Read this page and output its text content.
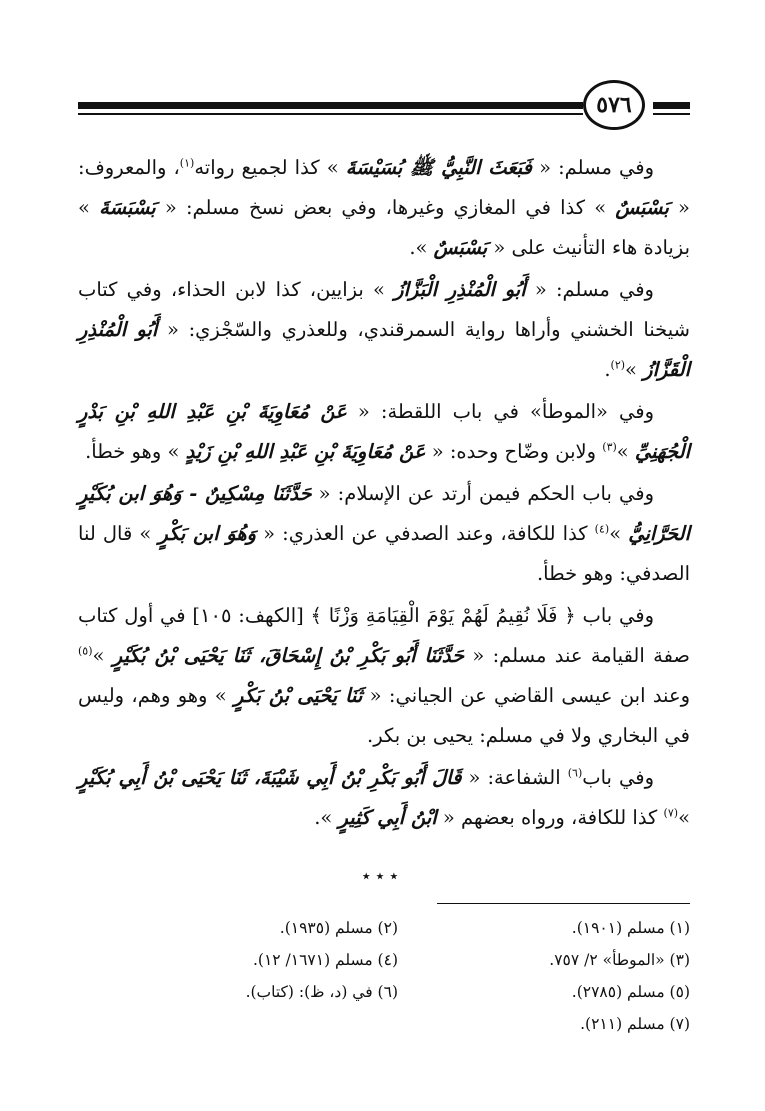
٥٧٦

وفي مسلم: « فَبَعَثَ النَّبِيُّ ﷺ بُسَيْسَةَ » كذا لجميع رواته$^{(١)}$، والمعروف: « بَسْبَسٌ » كذا في المغازي وغيرها، وفي بعض نسخ مسلم: « بَسْبَسَةَ » بزيادة هاء التأنيث على « بَسْبَسٌ ».

وفي مسلم: « أَبُو الْمُنْذِرِ الْبَزَّازُ » بزايين، كذا لابن الحذاء، وفي كتاب شيخنا الخشني وأراها رواية السمرقندي، وللعذري والسّجْزي: « أَبُو الْمُنْذِرِ الْقَزَّازُ »$^{(٢)}$.

وفي «الموطأ» في باب اللقطة: « عَنْ مُعَاوِيَةَ بْنِ عَبْدِ اللهِ بْنِ بَدْرٍ الْجُهَنِيِّ »$^{(٣)}$ ولابن وضّاح وحده: « عَنْ مُعَاوِيَةَ بْنِ عَبْدِ اللهِ بْنِ زَيْدٍ » وهو خطأ.

وفي باب الحكم فيمن أرتد عن الإسلام: « حَدَّثَنَا مِسْكِينٌ - وَهُوَ ابن بُكَيْرٍ الحَرَّانِيُّ »$^{(٤)}$ كذا للكافة، وعند الصدفي عن العذري: « وَهُوَ ابن بَكْرٍ » قال لنا الصدفي: وهو خطأ.

وفي باب ﴿ فَلَا نُقِيمُ لَهُمْ يَوْمَ الْقِيَامَةِ وَزْنًا ﴾ [الكهف: ١٠٥] في أول كتاب صفة القيامة عند مسلم: « حَدَّثَنَا أَبُو بَكْرِ بْنُ إِسْحَاقَ، ثَنَا يَحْيَى بْنُ بُكَيْرٍ »$^{(٥)}$ وعند ابن عيسى القاضي عن الجياني: « ثَنَا يَحْيَى بْنُ بَكْرٍ » وهو وهم، وليس في البخاري ولا في مسلم: يحيى بن بكر.

وفي باب$^{(٦)}$ الشفاعة: « قَالَ أَبُو بَكْرِ بْنُ أَبِي شَيْبَةَ، ثَنَا يَحْيَى بْنُ أَبِي بُكَيْرٍ »$^{(٧)}$ كذا للكافة، ورواه بعضهم « ابْنُ أَبِي كَثِيرٍ ».

٭ ٭ ٭
(١) مسلم (١٩٠١).
(٢) مسلم (١٩٣٥).
(٣) «الموطأ» ٢/ ٧٥٧.
(٤) مسلم (١٦٧١/ ١٢).
(٥) مسلم (٢٧٨٥).
(٦) في (د، ظ): (كتاب).
(٧) مسلم (٢١١).
